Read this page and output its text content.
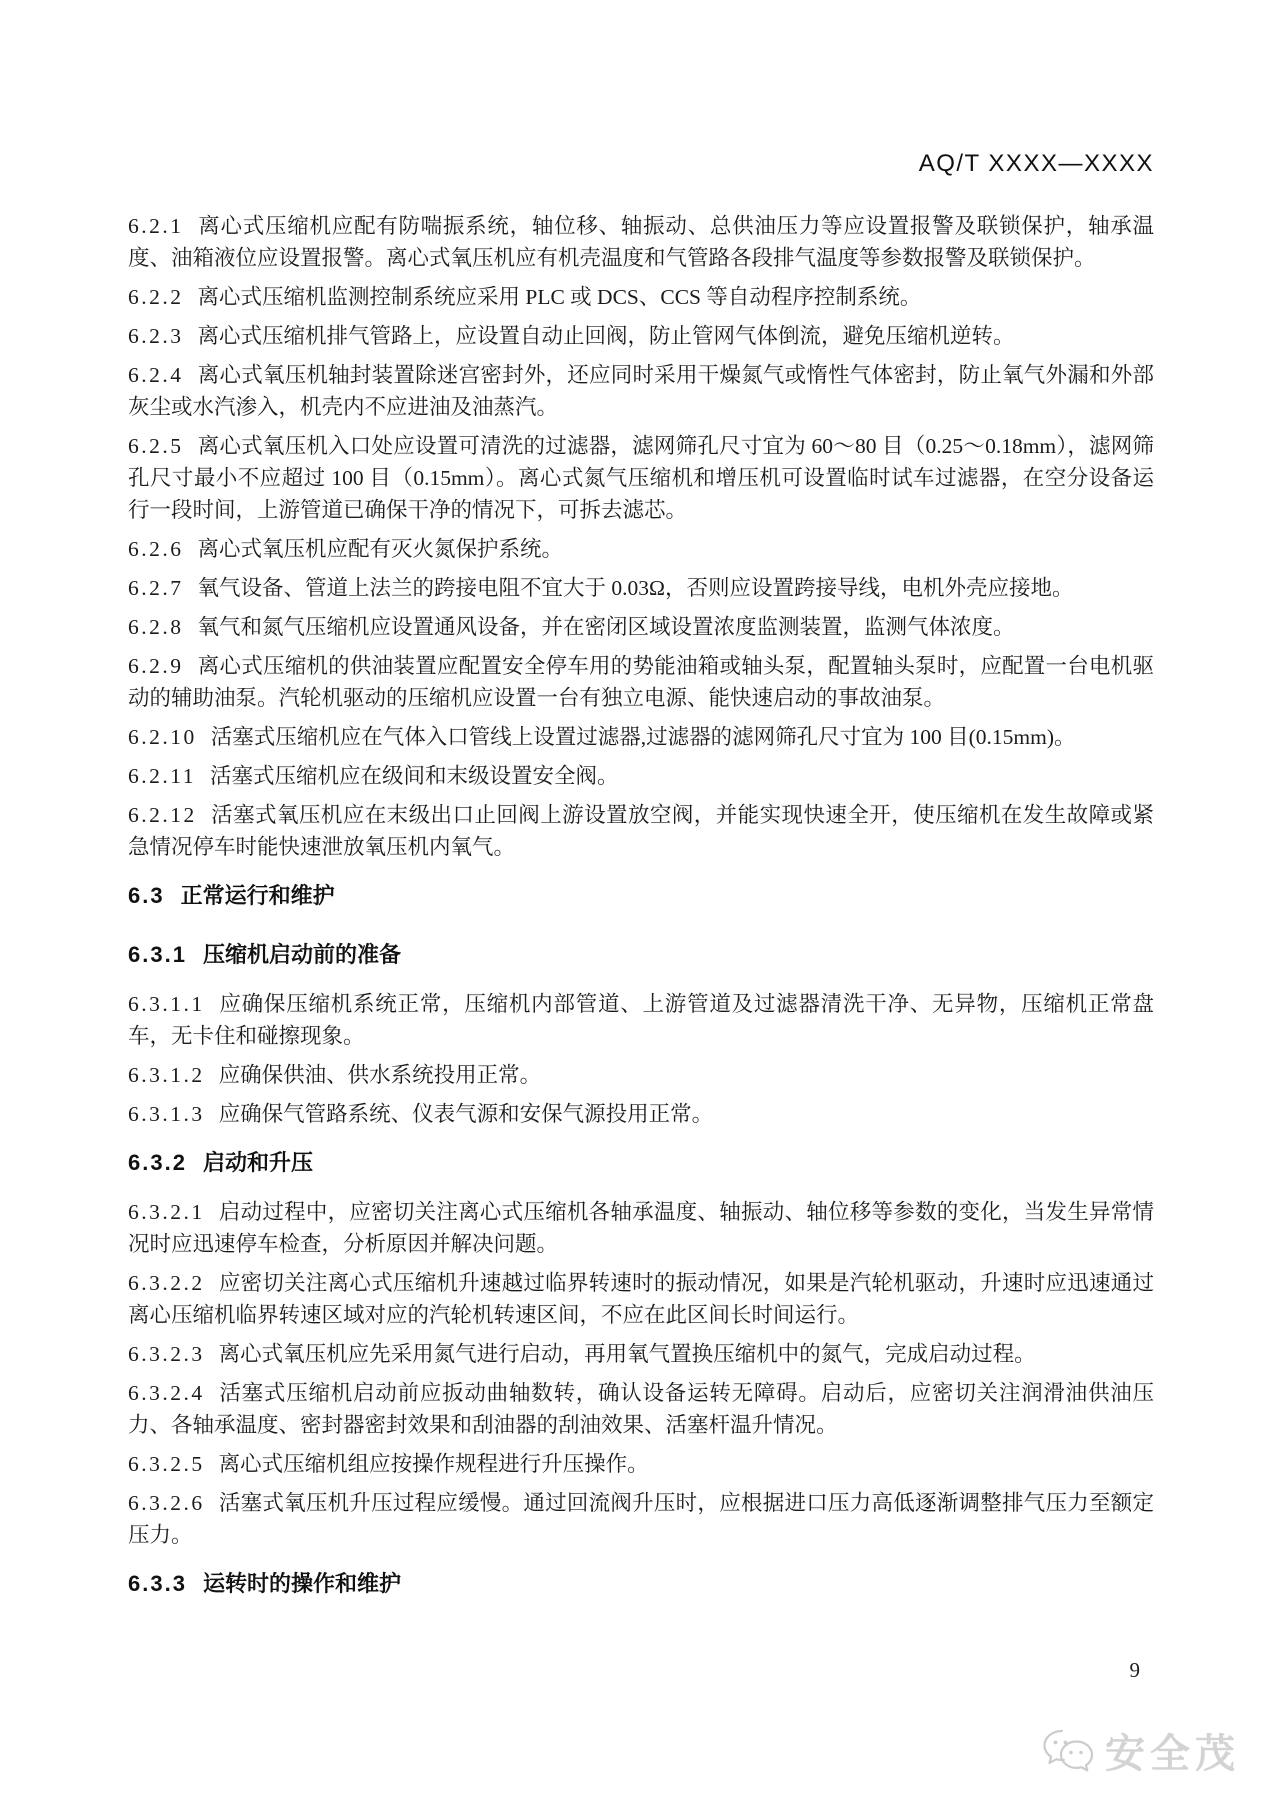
AQ/T XXXX—XXXX
6.2.1 离心式压缩机应配有防喘振系统，轴位移、轴振动、总供油压力等应设置报警及联锁保护，轴承温度、油箱液位应设置报警。离心式氧压机应有机壳温度和气管路各段排气温度等参数报警及联锁保护。
6.2.2 离心式压缩机监测控制系统应采用 PLC 或 DCS、CCS 等自动程序控制系统。
6.2.3 离心式压缩机排气管路上，应设置自动止回阀，防止管网气体倒流，避免压缩机逆转。
6.2.4 离心式氧压机轴封装置除迷宫密封外，还应同时采用干燥氮气或惰性气体密封，防止氧气外漏和外部灰尘或水汽渗入，机壳内不应进油及油蒸汽。
6.2.5 离心式氧压机入口处应设置可清洗的过滤器，滤网筛孔尺寸宜为 60～80 目（0.25～0.18mm），滤网筛孔尺寸最小不应超过 100 目（0.15mm）。离心式氮气压缩机和增压机可设置临时试车过滤器，在空分设备运行一段时间，上游管道已确保干净的情况下，可拆去滤芯。
6.2.6 离心式氧压机应配有灭火氮保护系统。
6.2.7 氧气设备、管道上法兰的跨接电阻不宜大于 0.03Ω，否则应设置跨接导线，电机外壳应接地。
6.2.8 氧气和氮气压缩机应设置通风设备，并在密闭区域设置浓度监测装置，监测气体浓度。
6.2.9 离心式压缩机的供油装置应配置安全停车用的势能油箱或轴头泵，配置轴头泵时，应配置一台电机驱动的辅助油泵。汽轮机驱动的压缩机应设置一台有独立电源、能快速启动的事故油泵。
6.2.10 活塞式压缩机应在气体入口管线上设置过滤器,过滤器的滤网筛孔尺寸宜为 100 目(0.15mm)。
6.2.11 活塞式压缩机应在级间和末级设置安全阀。
6.2.12 活塞式氧压机应在末级出口止回阀上游设置放空阀，并能实现快速全开，使压缩机在发生故障或紧急情况停车时能快速泄放氧压机内氧气。
6.3 正常运行和维护
6.3.1 压缩机启动前的准备
6.3.1.1 应确保压缩机系统正常，压缩机内部管道、上游管道及过滤器清洗干净、无异物，压缩机正常盘车，无卡住和碰擦现象。
6.3.1.2 应确保供油、供水系统投用正常。
6.3.1.3 应确保气管路系统、仪表气源和安保气源投用正常。
6.3.2 启动和升压
6.3.2.1 启动过程中，应密切关注离心式压缩机各轴承温度、轴振动、轴位移等参数的变化，当发生异常情况时应迅速停车检查，分析原因并解决问题。
6.3.2.2 应密切关注离心式压缩机升速越过临界转速时的振动情况，如果是汽轮机驱动，升速时应迅速通过离心压缩机临界转速区域对应的汽轮机转速区间，不应在此区间长时间运行。
6.3.2.3 离心式氧压机应先采用氮气进行启动，再用氧气置换压缩机中的氮气，完成启动过程。
6.3.2.4 活塞式压缩机启动前应扳动曲轴数转，确认设备运转无障碍。启动后，应密切关注润滑油供油压力、各轴承温度、密封器密封效果和刮油器的刮油效果、活塞杆温升情况。
6.3.2.5 离心式压缩机组应按操作规程进行升压操作。
6.3.2.6 活塞式氧压机升压过程应缓慢。通过回流阀升压时，应根据进口压力高低逐渐调整排气压力至额定压力。
6.3.3 运转时的操作和维护
9
安全茂
